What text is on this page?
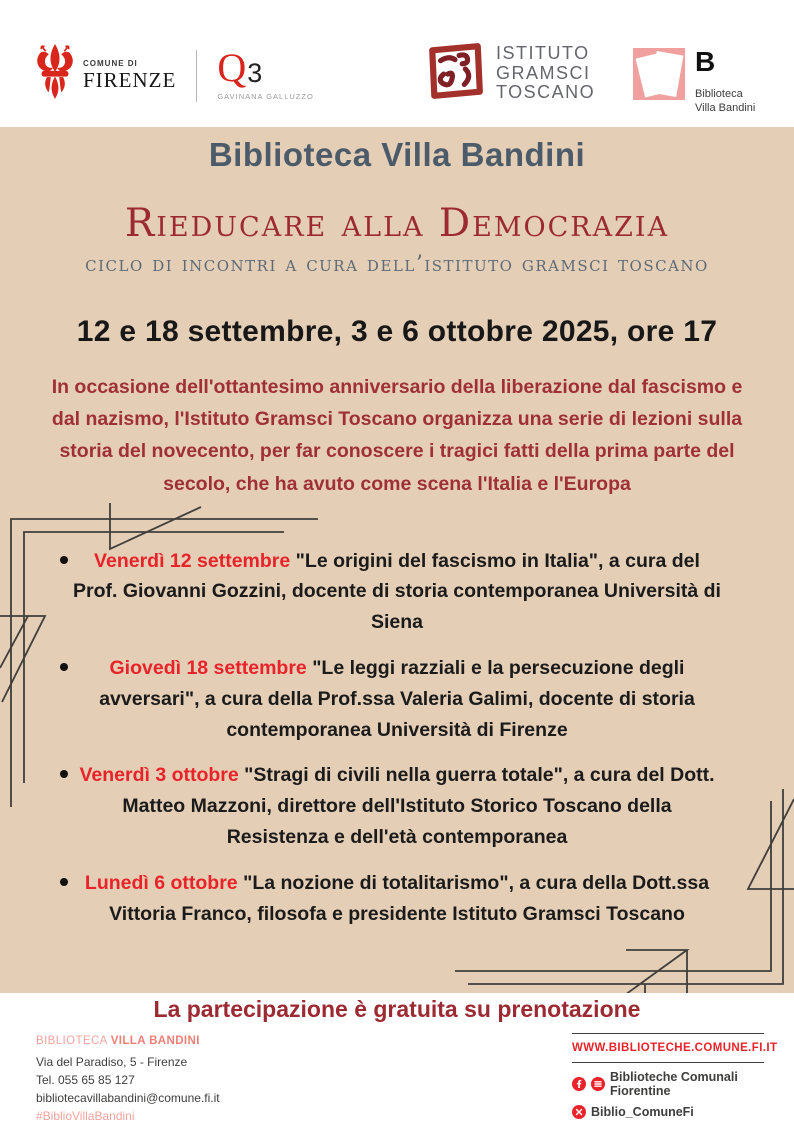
COMUNE DI
FIRENZE Q 3
GAVINANA GALLUZZO
ISTITUTO
GRAMSCI
TOSCANO
B
Biblioteca
Villa Bandini
Biblioteca Villa Bandini
Rieducare alla Democrazia
ciclo di incontri a cura dell’istituto gramsci toscano
12 e 18 settembre, 3 e 6 ottobre 2025, ore 17

In occasione dell'ottantesimo anniversario della liberazione dal fascismo e dal nazismo, l'Istituto Gramsci Toscano organizza una serie di lezioni sulla storia del novecento, per far conoscere i tragici fatti della prima parte del secolo, che ha avuto come scena l'Italia e l'Europa

Venerdì 12 settembre "Le origini del fascismo in Italia", a cura del Prof. Giovanni Gozzini, docente di storia contemporanea Università di Siena
Giovedì 18 settembre "Le leggi razziali e la persecuzione degli avversari", a cura della Prof.ssa Valeria Galimi, docente di storia contemporanea Università di Firenze
Venerdì 3 ottobre "Stragi di civili nella guerra totale", a cura del Dott. Matteo Mazzoni, direttore dell'Istituto Storico Toscano della Resistenza e dell'età contemporanea
Lunedì 6 ottobre "La nozione di totalitarismo", a cura della Dott.ssa Vittoria Franco, filosofa e presidente Istituto Gramsci Toscano

La partecipazione è gratuita su prenotazione

BIBLIOTECA VILLA BANDINI
Via del Paradiso, 5 - Firenze
Tel. 055 65 85 127
bibliotecavillabandini@comune.fi.it
#BiblioVillaBandini
WWW.BIBLIOTECHE.COMUNE.FI.IT
Biblioteche Comunali Fiorentine
Biblio_ComuneFi
